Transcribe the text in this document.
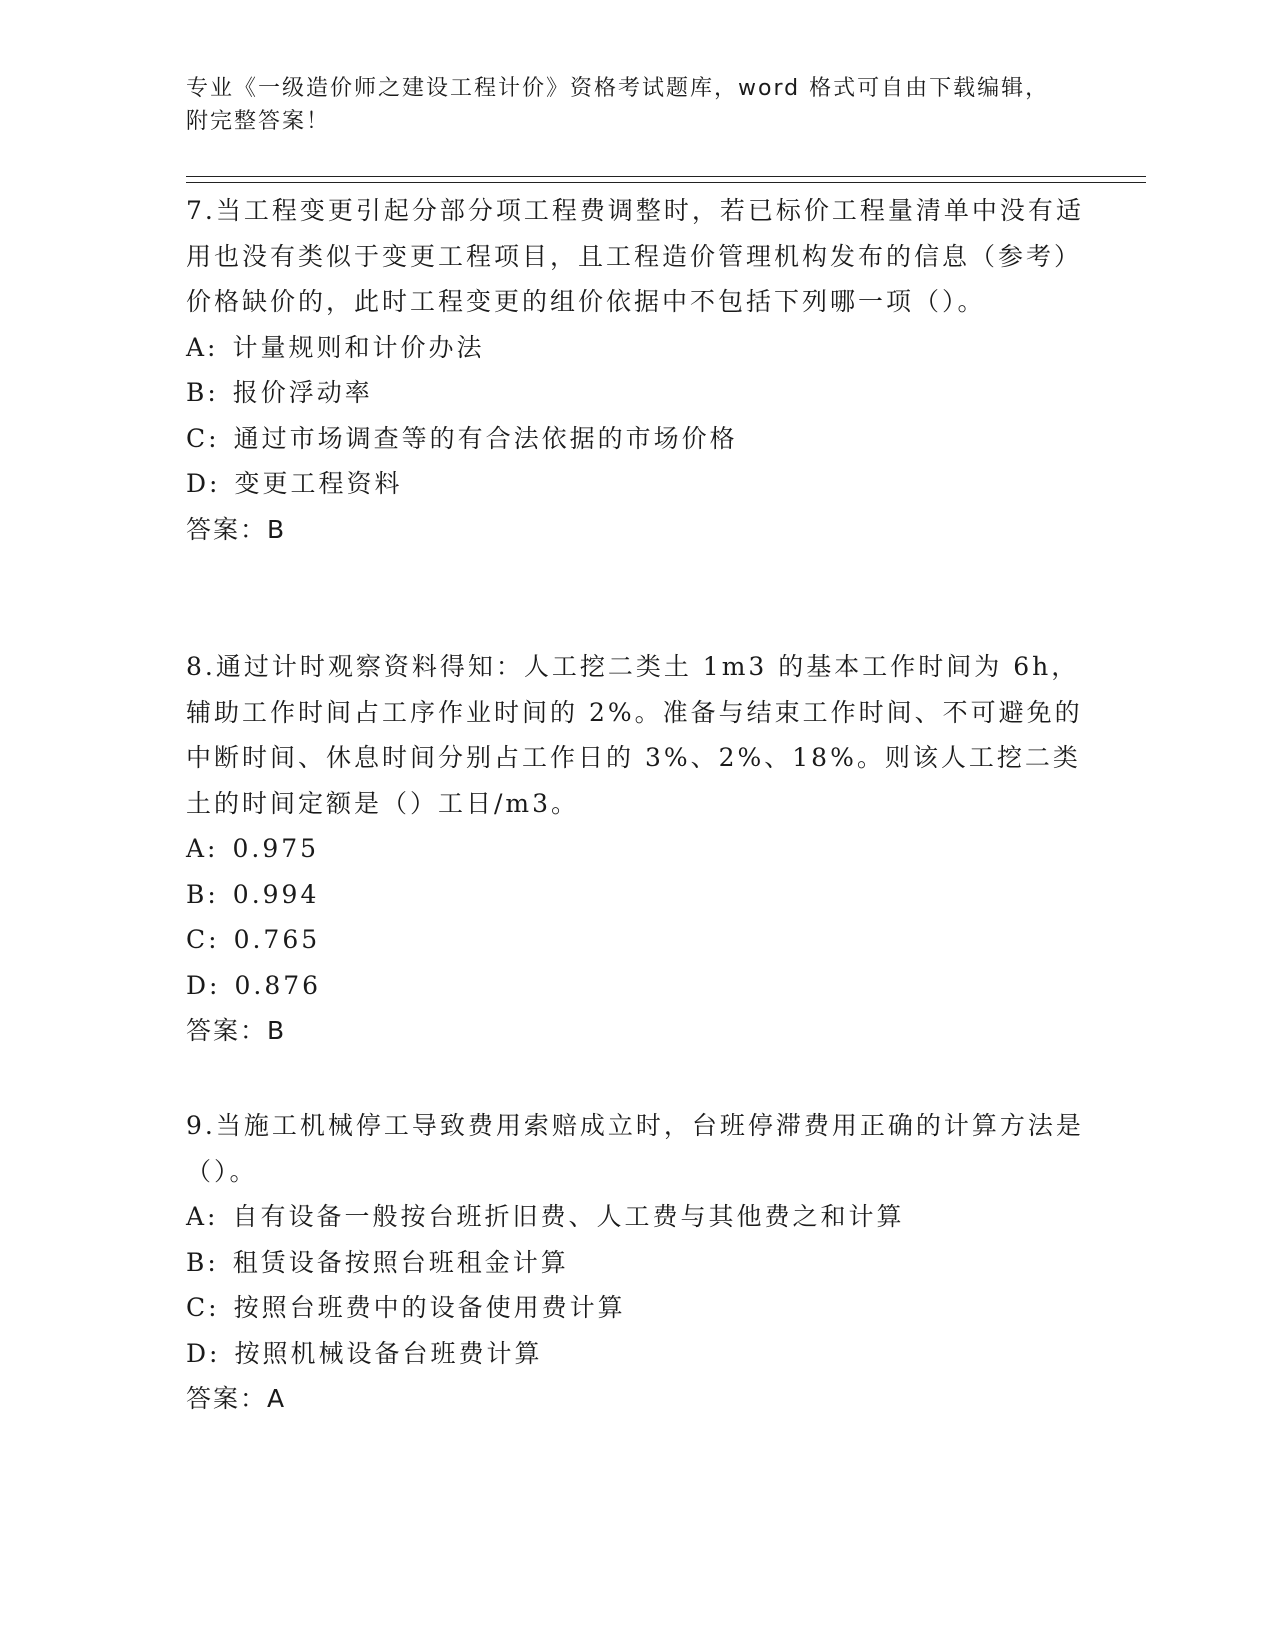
专业《一级造价师之建设工程计价》资格考试题库，word 格式可自由下载编辑，
附完整答案！

7.当工程变更引起分部分项工程费调整时，若已标价工程量清单中没有适用也没有类似于变更工程项目，且工程造价管理机构发布的信息（参考）价格缺价的，此时工程变更的组价依据中不包括下列哪一项（）。

A: 计量规则和计价办法

B: 报价浮动率

C: 通过市场调查等的有合法依据的市场价格

D: 变更工程资料

答案：B

8.通过计时观察资料得知：人工挖二类土 1m3 的基本工作时间为 6h，辅助工作时间占工序作业时间的 2%。准备与结束工作时间、不可避免的中断时间、休息时间分别占工作日的 3%、2%、18%。则该人工挖二类土的时间定额是（）工日/m3。

A: 0.975

B: 0.994

C: 0.765

D: 0.876

答案：B

9.当施工机械停工导致费用索赔成立时，台班停滞费用正确的计算方法是（）。

A: 自有设备一般按台班折旧费、人工费与其他费之和计算

B: 租赁设备按照台班租金计算

C: 按照台班费中的设备使用费计算

D: 按照机械设备台班费计算

答案：A
